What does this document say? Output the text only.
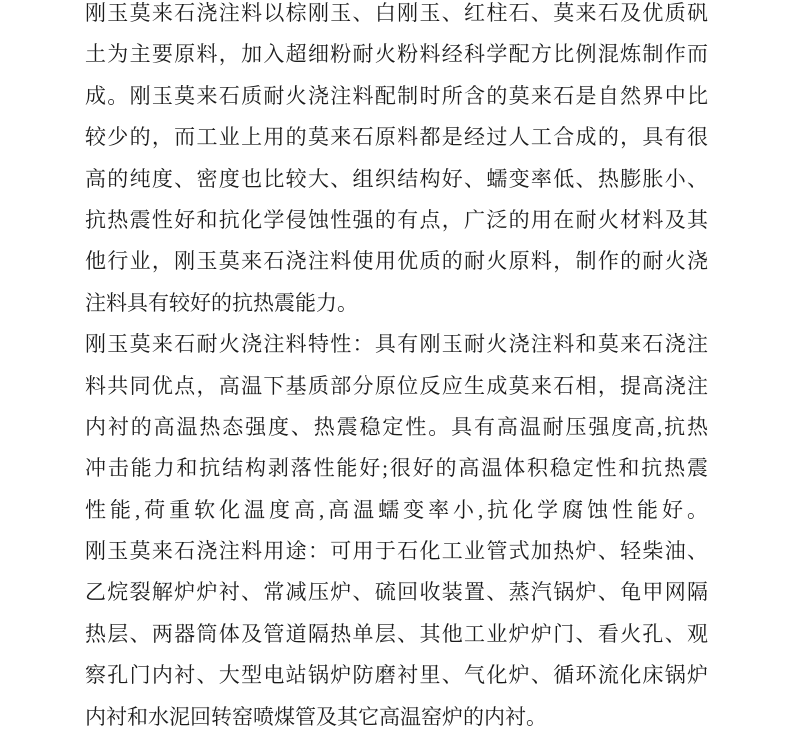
刚玉莫来石浇注料以棕刚玉、白刚玉、红柱石、莫来石及优质矾
土为主要原料，加入超细粉耐火粉料经科学配方比例混炼制作而
成。刚玉莫来石质耐火浇注料配制时所含的莫来石是自然界中比
较少的，而工业上用的莫来石原料都是经过人工合成的，具有很
高的纯度、密度也比较大、组织结构好、蠕变率低、热膨胀小、
抗热震性好和抗化学侵蚀性强的有点，广泛的用在耐火材料及其
他行业，刚玉莫来石浇注料使用优质的耐火原料，制作的耐火浇
注料具有较好的抗热震能力。
刚玉莫来石耐火浇注料特性：具有刚玉耐火浇注料和莫来石浇注
料共同优点，高温下基质部分原位反应生成莫来石相，提高浇注
内衬的高温热态强度、热震稳定性。具有高温耐压强度高,抗热
冲击能力和抗结构剥落性能好;很好的高温体积稳定性和抗热震
性能,荷重软化温度高,高温蠕变率小,抗化学腐蚀性能好。
刚玉莫来石浇注料用途：可用于石化工业管式加热炉、轻柴油、
乙烷裂解炉炉衬、常减压炉、硫回收装置、蒸汽锅炉、龟甲网隔
热层、两器筒体及管道隔热单层、其他工业炉炉门、看火孔、观
察孔门内衬、大型电站锅炉防磨衬里、气化炉、循环流化床锅炉
内衬和水泥回转窑喷煤管及其它高温窑炉的内衬。
